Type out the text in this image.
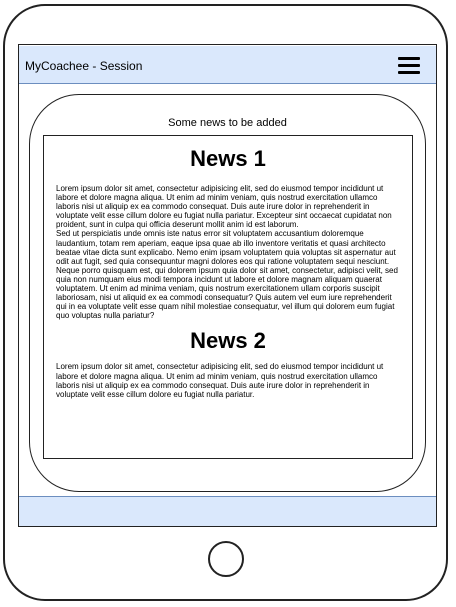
MyCoachee - Session
Some news to be added
News 1

Lorem ipsum dolor sit amet, consectetur adipisicing elit, sed do eiusmod tempor incididunt ut labore et dolore magna aliqua. Ut enim ad minim veniam, quis nostrud exercitation ullamco laboris nisi ut aliquip ex ea commodo consequat. Duis aute irure dolor in reprehenderit in voluptate velit esse cillum dolore eu fugiat nulla pariatur. Excepteur sint occaecat cupidatat non proident, sunt in culpa qui officia deserunt mollit anim id est laborum.
Sed ut perspiciatis unde omnis iste natus error sit voluptatem accusantium doloremque laudantium, totam rem aperiam, eaque ipsa quae ab illo inventore veritatis et quasi architecto beatae vitae dicta sunt explicabo. Nemo enim ipsam voluptatem quia voluptas sit aspernatur aut odit aut fugit, sed quia consequuntur magni dolores eos qui ratione voluptatem sequi nesciunt. Neque porro quisquam est, qui dolorem ipsum quia dolor sit amet, consectetur, adipisci velit, sed quia non numquam eius modi tempora incidunt ut labore et dolore magnam aliquam quaerat voluptatem. Ut enim ad minima veniam, quis nostrum exercitationem ullam corporis suscipit laboriosam, nisi ut aliquid ex ea commodi consequatur? Quis autem vel eum iure reprehenderit qui in ea voluptate velit esse quam nihil molestiae consequatur, vel illum qui dolorem eum fugiat quo voluptas nulla pariatur?

News 2

Lorem ipsum dolor sit amet, consectetur adipisicing elit, sed do eiusmod tempor incididunt ut labore et dolore magna aliqua. Ut enim ad minim veniam, quis nostrud exercitation ullamco laboris nisi ut aliquip ex ea commodo consequat. Duis aute irure dolor in reprehenderit in voluptate velit esse cillum dolore eu fugiat nulla pariatur.
